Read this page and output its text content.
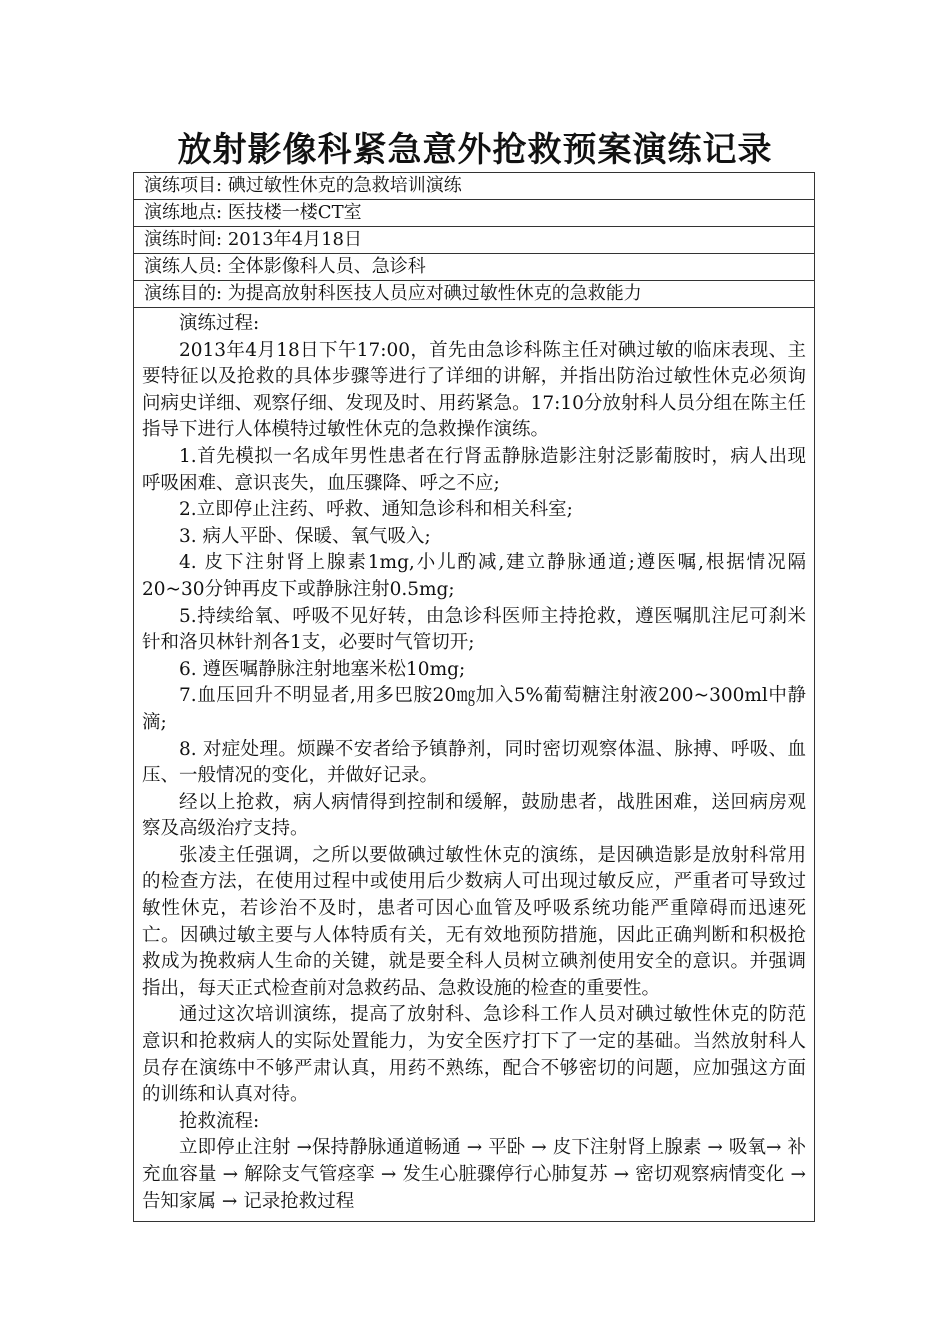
放射影像科紧急意外抢救预案演练记录
演练项目: 碘过敏性休克的急救培训演练
演练地点: 医技楼一楼CT室
演练时间: 2013年4月18日
演练人员: 全体影像科人员、急诊科
演练目的: 为提高放射科医技人员应对碘过敏性休克的急救能力

演练过程:

2013年4月18日下午17:00，首先由急诊科陈主任对碘过敏的临床表现、主要特征以及抢救的具体步骤等进行了详细的讲解，并指出防治过敏性休克必须询问病史详细、观察仔细、发现及时、用药紧急。17:10分放射科人员分组在陈主任指导下进行人体模特过敏性休克的急救操作演练。

1.首先模拟一名成年男性患者在行肾盂静脉造影注射泛影葡胺时，病人出现呼吸困难、意识丧失，血压骤降、呼之不应;

2.立即停止注药、呼救、通知急诊科和相关科室;

3. 病人平卧、保暖、氧气吸入;

4. 皮下注射肾上腺素1mg,小儿酌减,建立静脉通道;遵医嘱,根据情况隔20~30分钟再皮下或静脉注射0.5mg;

5.持续给氧、呼吸不见好转，由急诊科医师主持抢救，遵医嘱肌注尼可刹米针和洛贝林针剂各1支，必要时气管切开;

6. 遵医嘱静脉注射地塞米松10mg;

7.血压回升不明显者,用多巴胺20㎎加入5%葡萄糖注射液200~300ml中静滴;

8. 对症处理。烦躁不安者给予镇静剂，同时密切观察体温、脉搏、呼吸、血压、一般情况的变化，并做好记录。

经以上抢救，病人病情得到控制和缓解，鼓励患者，战胜困难，送回病房观察及高级治疗支持。

张凌主任强调，之所以要做碘过敏性休克的演练，是因碘造影是放射科常用的检查方法，在使用过程中或使用后少数病人可出现过敏反应，严重者可导致过敏性休克，若诊治不及时，患者可因心血管及呼吸系统功能严重障碍而迅速死亡。因碘过敏主要与人体特质有关，无有效地预防措施，因此正确判断和积极抢救成为挽救病人生命的关键，就是要全科人员树立碘剂使用安全的意识。并强调指出，每天正式检查前对急救药品、急救设施的检查的重要性。

通过这次培训演练，提高了放射科、急诊科工作人员对碘过敏性休克的防范意识和抢救病人的实际处置能力，为安全医疗打下了一定的基础。当然放射科人员存在演练中不够严肃认真，用药不熟练，配合不够密切的问题，应加强这方面的训练和认真对待。

抢救流程:

立即停止注射 →保持静脉通道畅通 → 平卧 → 皮下注射肾上腺素 → 吸氧→ 补充血容量 → 解除支气管痉挛 → 发生心脏骤停行心肺复苏 → 密切观察病情变化 → 告知家属 → 记录抢救过程
